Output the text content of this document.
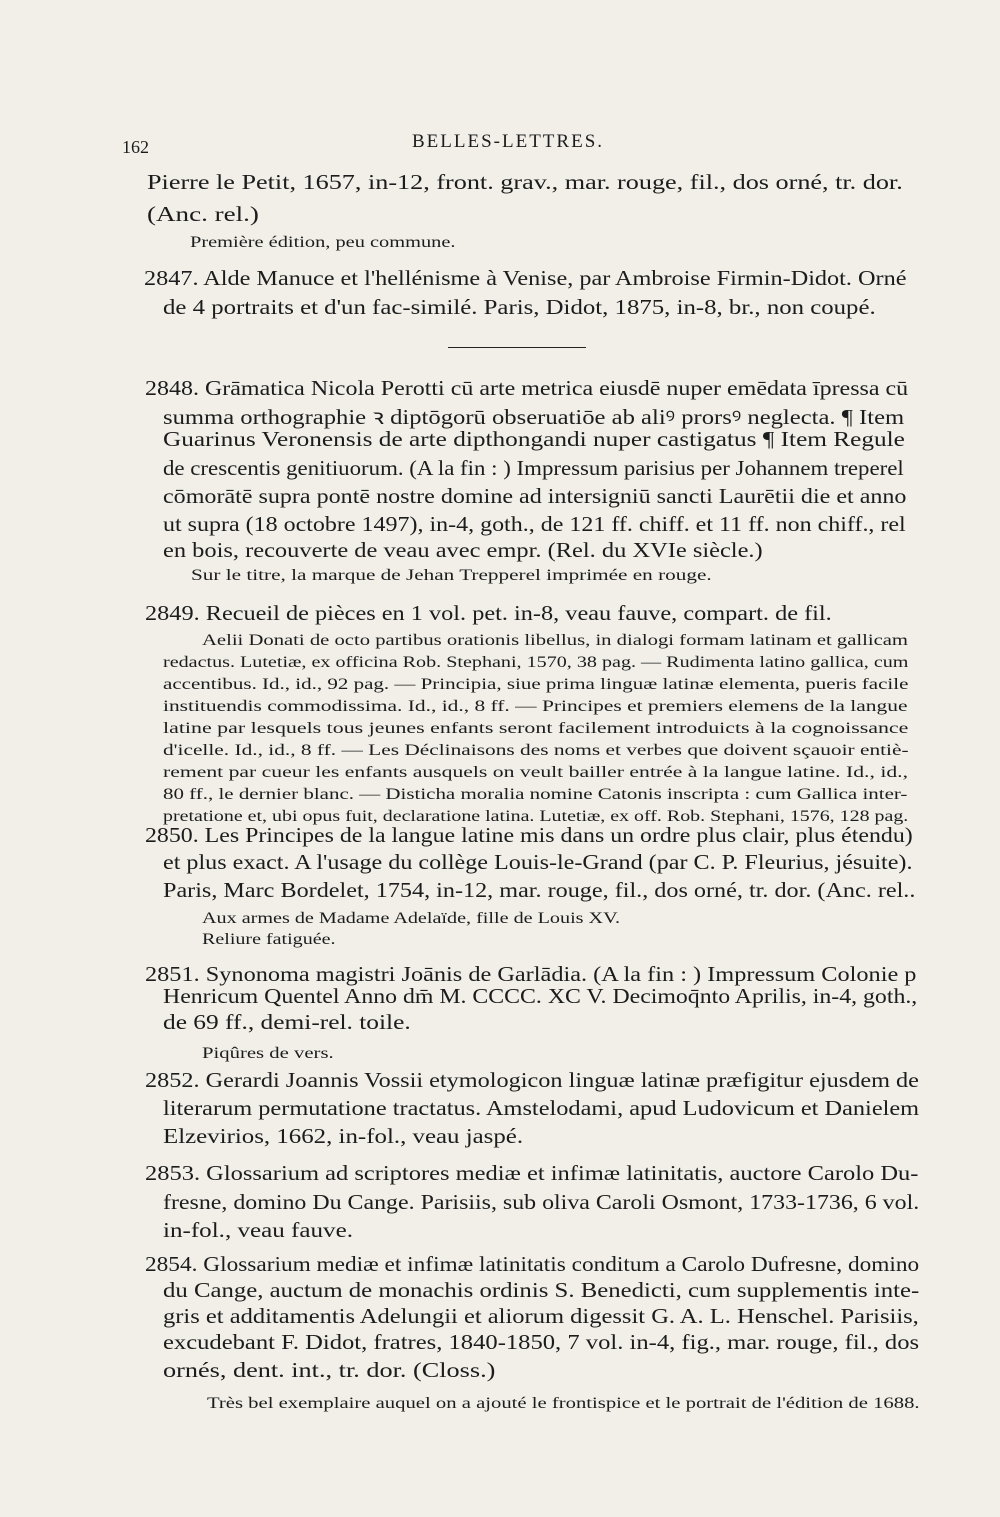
162	BELLES-LETTRES.
Pierre le Petit, 1657, in-12, front. grav., mar. rouge, fil., dos orné, tr. dor.
(Anc. rel.)
Première édition, peu commune.
2847. Alde Manuce et l'hellénisme à Venise, par Ambroise Firmin-Didot. Orné
de 4 portraits et d'un fac-similé. Paris, Didot, 1875, in-8, br., non coupé.
2848. Grāmatica Nicola Perotti cū arte metrica eiusdē nuper emēdata īpressa cū
summa orthographie ꝛ diptōgorū obseruatiōe ab aliꝰ prorsꝰ neglecta. ¶ Item
Guarinus Veronensis de arte dipthongandi nuper castigatus ¶ Item Regule
de crescentis genitiuorum. (A la fin : ) Impressum parisius per Johannem treperel
cōmorātē supra pontē nostre domine ad intersigniū sancti Laurētii die et anno
ut supra (18 octobre 1497), in-4, goth., de 121 ff. chiff. et 11 ff. non chiff., rel
en bois, recouverte de veau avec empr. (Rel. du XVIe siècle.)
Sur le titre, la marque de Jehan Trepperel imprimée en rouge.
2849. Recueil de pièces en 1 vol. pet. in-8, veau fauve, compart. de fil.
Aelii Donati de octo partibus orationis libellus, in dialogi formam latinam et gallicam
redactus. Lutetiæ, ex officina Rob. Stephani, 1570, 38 pag. — Rudimenta latino gallica, cum
accentibus. Id., id., 92 pag. — Principia, siue prima linguæ latinæ elementa, pueris facile
instituendis commodissima. Id., id., 8 ff. — Principes et premiers elemens de la langue
latine par lesquels tous jeunes enfants seront facilement introduicts à la cognoissance
d'icelle. Id., id., 8 ff. — Les Déclinaisons des noms et verbes que doivent sçauoir entiè-
rement par cueur les enfants ausquels on veult bailler entrée à la langue latine. Id., id.,
80 ff., le dernier blanc. — Disticha moralia nomine Catonis inscripta : cum Gallica inter-
pretatione et, ubi opus fuit, declaratione latina. Lutetiæ, ex off. Rob. Stephani, 1576, 128 pag.
2850. Les Principes de la langue latine mis dans un ordre plus clair, plus étendu)
et plus exact. A l'usage du collège Louis-le-Grand (par C. P. Fleurius, jésuite).
Paris, Marc Bordelet, 1754, in-12, mar. rouge, fil., dos orné, tr. dor. (Anc. rel..
Aux armes de Madame Adelaïde, fille de Louis XV.
Reliure fatiguée.
2851. Synonoma magistri Joānis de Garlādia. (A la fin : ) Impressum Colonie p
Henricum Quentel Anno dm̄ M. CCCC. XC V. Decimoq̄nto Aprilis, in-4, goth.,
de 69 ff., demi-rel. toile.
Piqûres de vers.
2852. Gerardi Joannis Vossii etymologicon linguæ latinæ præfigitur ejusdem de
literarum permutatione tractatus. Amstelodami, apud Ludovicum et Danielem
Elzevirios, 1662, in-fol., veau jaspé.
2853. Glossarium ad scriptores mediæ et infimæ latinitatis, auctore Carolo Du-
fresne, domino Du Cange. Parisiis, sub oliva Caroli Osmont, 1733-1736, 6 vol.
in-fol., veau fauve.
2854. Glossarium mediæ et infimæ latinitatis conditum a Carolo Dufresne, domino
du Cange, auctum de monachis ordinis S. Benedicti, cum supplementis inte-
gris et additamentis Adelungii et aliorum digessit G. A. L. Henschel. Parisiis,
excudebant F. Didot, fratres, 1840-1850, 7 vol. in-4, fig., mar. rouge, fil., dos
ornés, dent. int., tr. dor. (Closs.)
Très bel exemplaire auquel on a ajouté le frontispice et le portrait de l'édition de 1688.
